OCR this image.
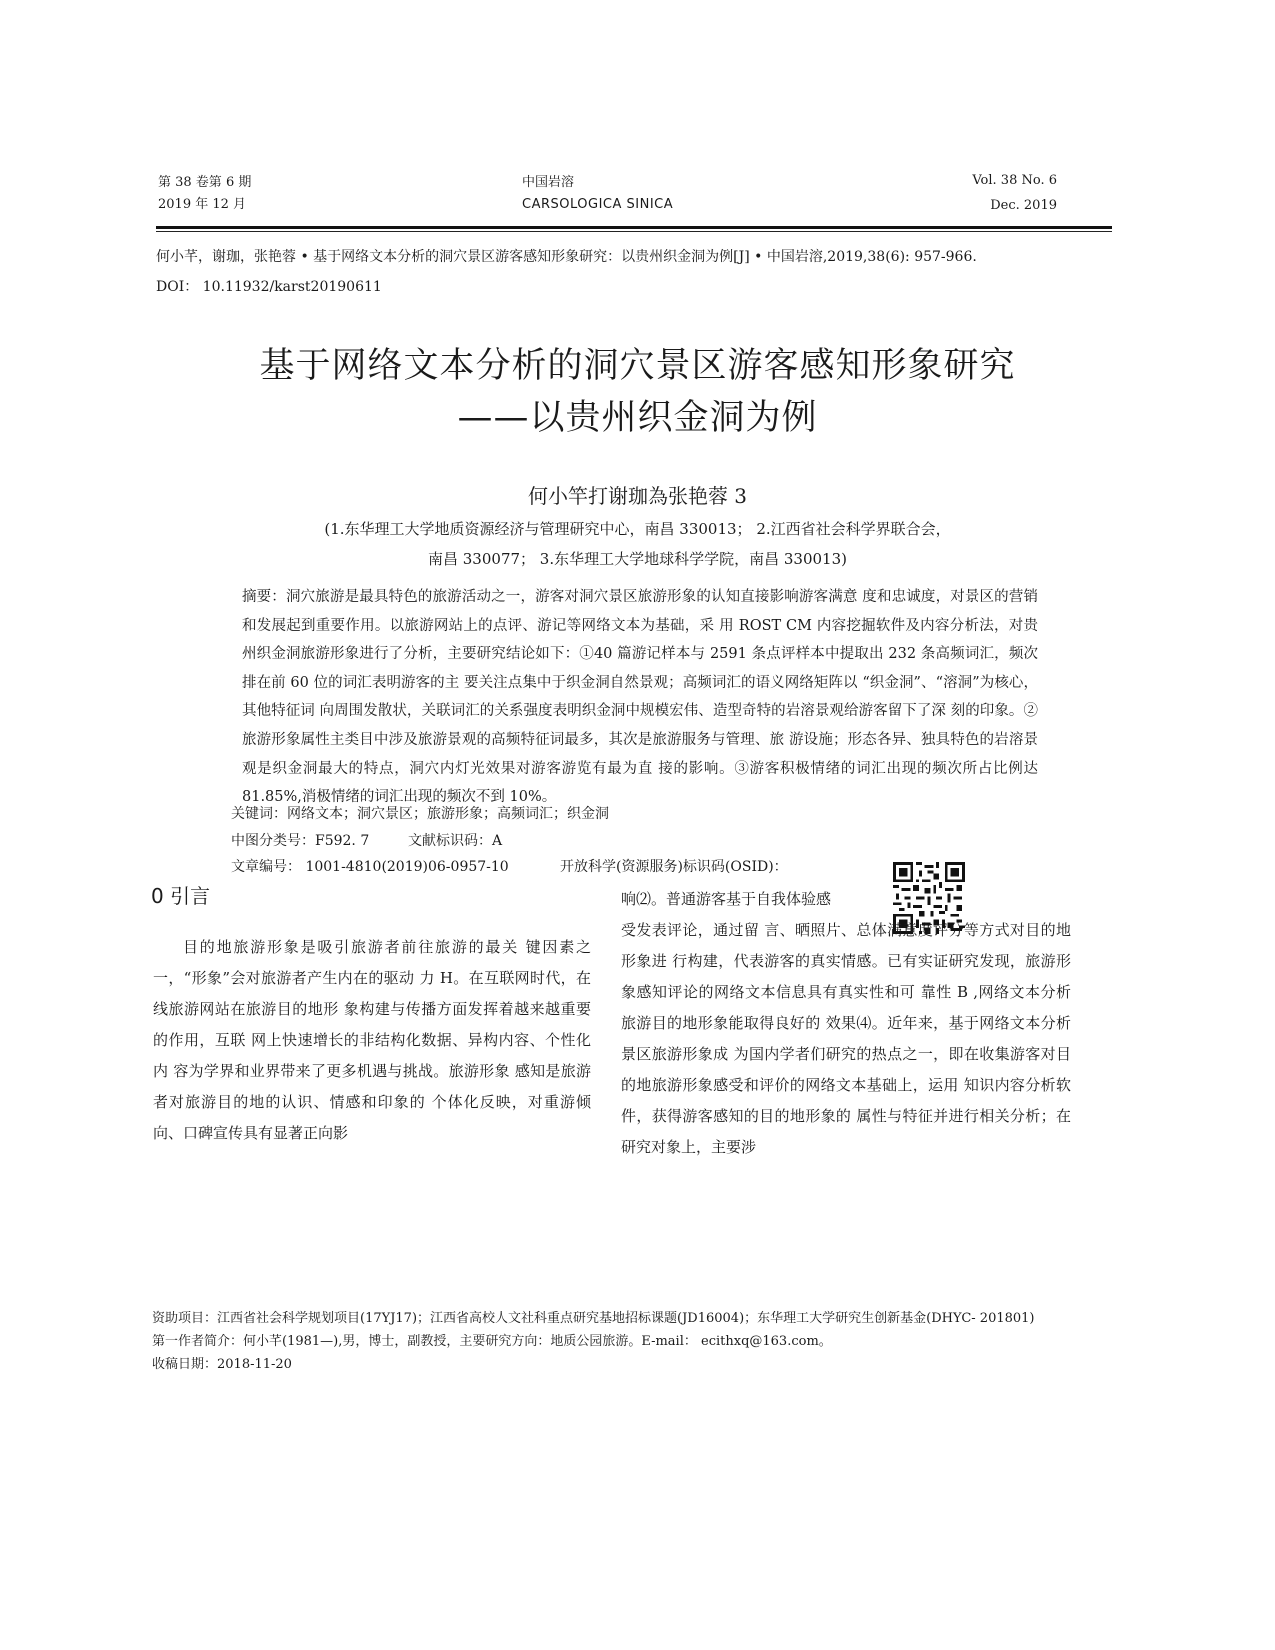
第 38 卷第 6 期
2019 年 12 月
中国岩溶
CARSOLOGICA SINICA
Vol. 38 No. 6
Dec. 2019
何小芊，谢珈，张艳蓉 • 基于网络文本分析的洞穴景区游客感知形象研究：以贵州织金洞为例[J] • 中国岩溶,2019,38(6): 957-966.
DOI： 10.11932/karst20190611
基于网络文本分析的洞穴景区游客感知形象研究
——以贵州织金洞为例
何小竿打谢珈為张艳蓉 3
(1.东华理工大学地质资源经济与管理研究中心，南昌 330013； 2.江西省社会科学界联合会，
南昌 330077； 3.东华理工大学地球科学学院，南昌 330013)
摘要：洞穴旅游是最具特色的旅游活动之一，游客对洞穴景区旅游形象的认知直接影响游客满意 度和忠诚度，对景区的营销和发展起到重要作用。以旅游网站上的点评、游记等网络文本为基础，采 用 ROST CM 内容挖掘软件及内容分析法，对贵州织金洞旅游形象进行了分析，主要研究结论如下：①40 篇游记样本与 2591 条点评样本中提取出 232 条高频词汇，频次排在前 60 位的词汇表明游客的主 要关注点集中于织金洞自然景观；高频词汇的语义网络矩阵以 “织金洞”、“溶洞”为核心，其他特征词 向周围发散状，关联词汇的关系强度表明织金洞中规模宏伟、造型奇特的岩溶景观给游客留下了深 刻的印象。②旅游形象属性主类目中涉及旅游景观的高频特征词最多，其次是旅游服务与管理、旅 游设施；形态各异、独具特色的岩溶景观是织金洞最大的特点，洞穴内灯光效果对游客游览有最为直 接的影响。③游客积极情绪的词汇出现的频次所占比例达 81.85%,消极情绪的词汇出现的频次不到 10%。
关键词：网络文本；洞穴景区；旅游形象；高频词汇；织金洞
中图分类号：F592. 7	文献标识码：A
文章编号： 1001-4810(2019)06-0957-10	开放科学(资源服务)标识码(OSID)：
0 引言

目的地旅游形象是吸引旅游者前往旅游的最关 键因素之一，“形象”会对旅游者产生内在的驱动 力 H。在互联网时代，在线旅游网站在旅游目的地形 象构建与传播方面发挥着越来越重要的作用，互联 网上快速增长的非结构化数据、异构内容、个性化内 容为学界和业界带来了更多机遇与挑战。旅游形象 感知是旅游者对旅游目的地的认识、情感和印象的 个体化反映，对重游倾向、口碑宣传具有显著正向影

响⑵。普通游客基于自我体验感

受发表评论，通过留 言、晒照片、总体满意度评分等方式对目的地形象进 行构建，代表游客的真实情感。已有实证研究发现，旅游形象感知评论的网络文本信息具有真实性和可 靠性 B ,网络文本分析旅游目的地形象能取得良好的 效果⑷。近年来，基于网络文本分析景区旅游形象成 为国内学者们研究的热点之一，即在收集游客对目 的地旅游形象感受和评价的网络文本基础上，运用 知识内容分析软件，获得游客感知的目的地形象的 属性与特征并进行相关分析；在研究对象上，主要涉

资助项目：江西省社会科学规划项目(17YJ17)；江西省高校人文社科重点研究基地招标课题(JD16004)；东华理工大学研究生创新基金(DHYC- 201801)
第一作者简介：何小芊(1981—),男，博士，副教授，主要研究方向：地质公园旅游。E-mail： ecithxq@163.com。
收稿日期：2018-11-20
